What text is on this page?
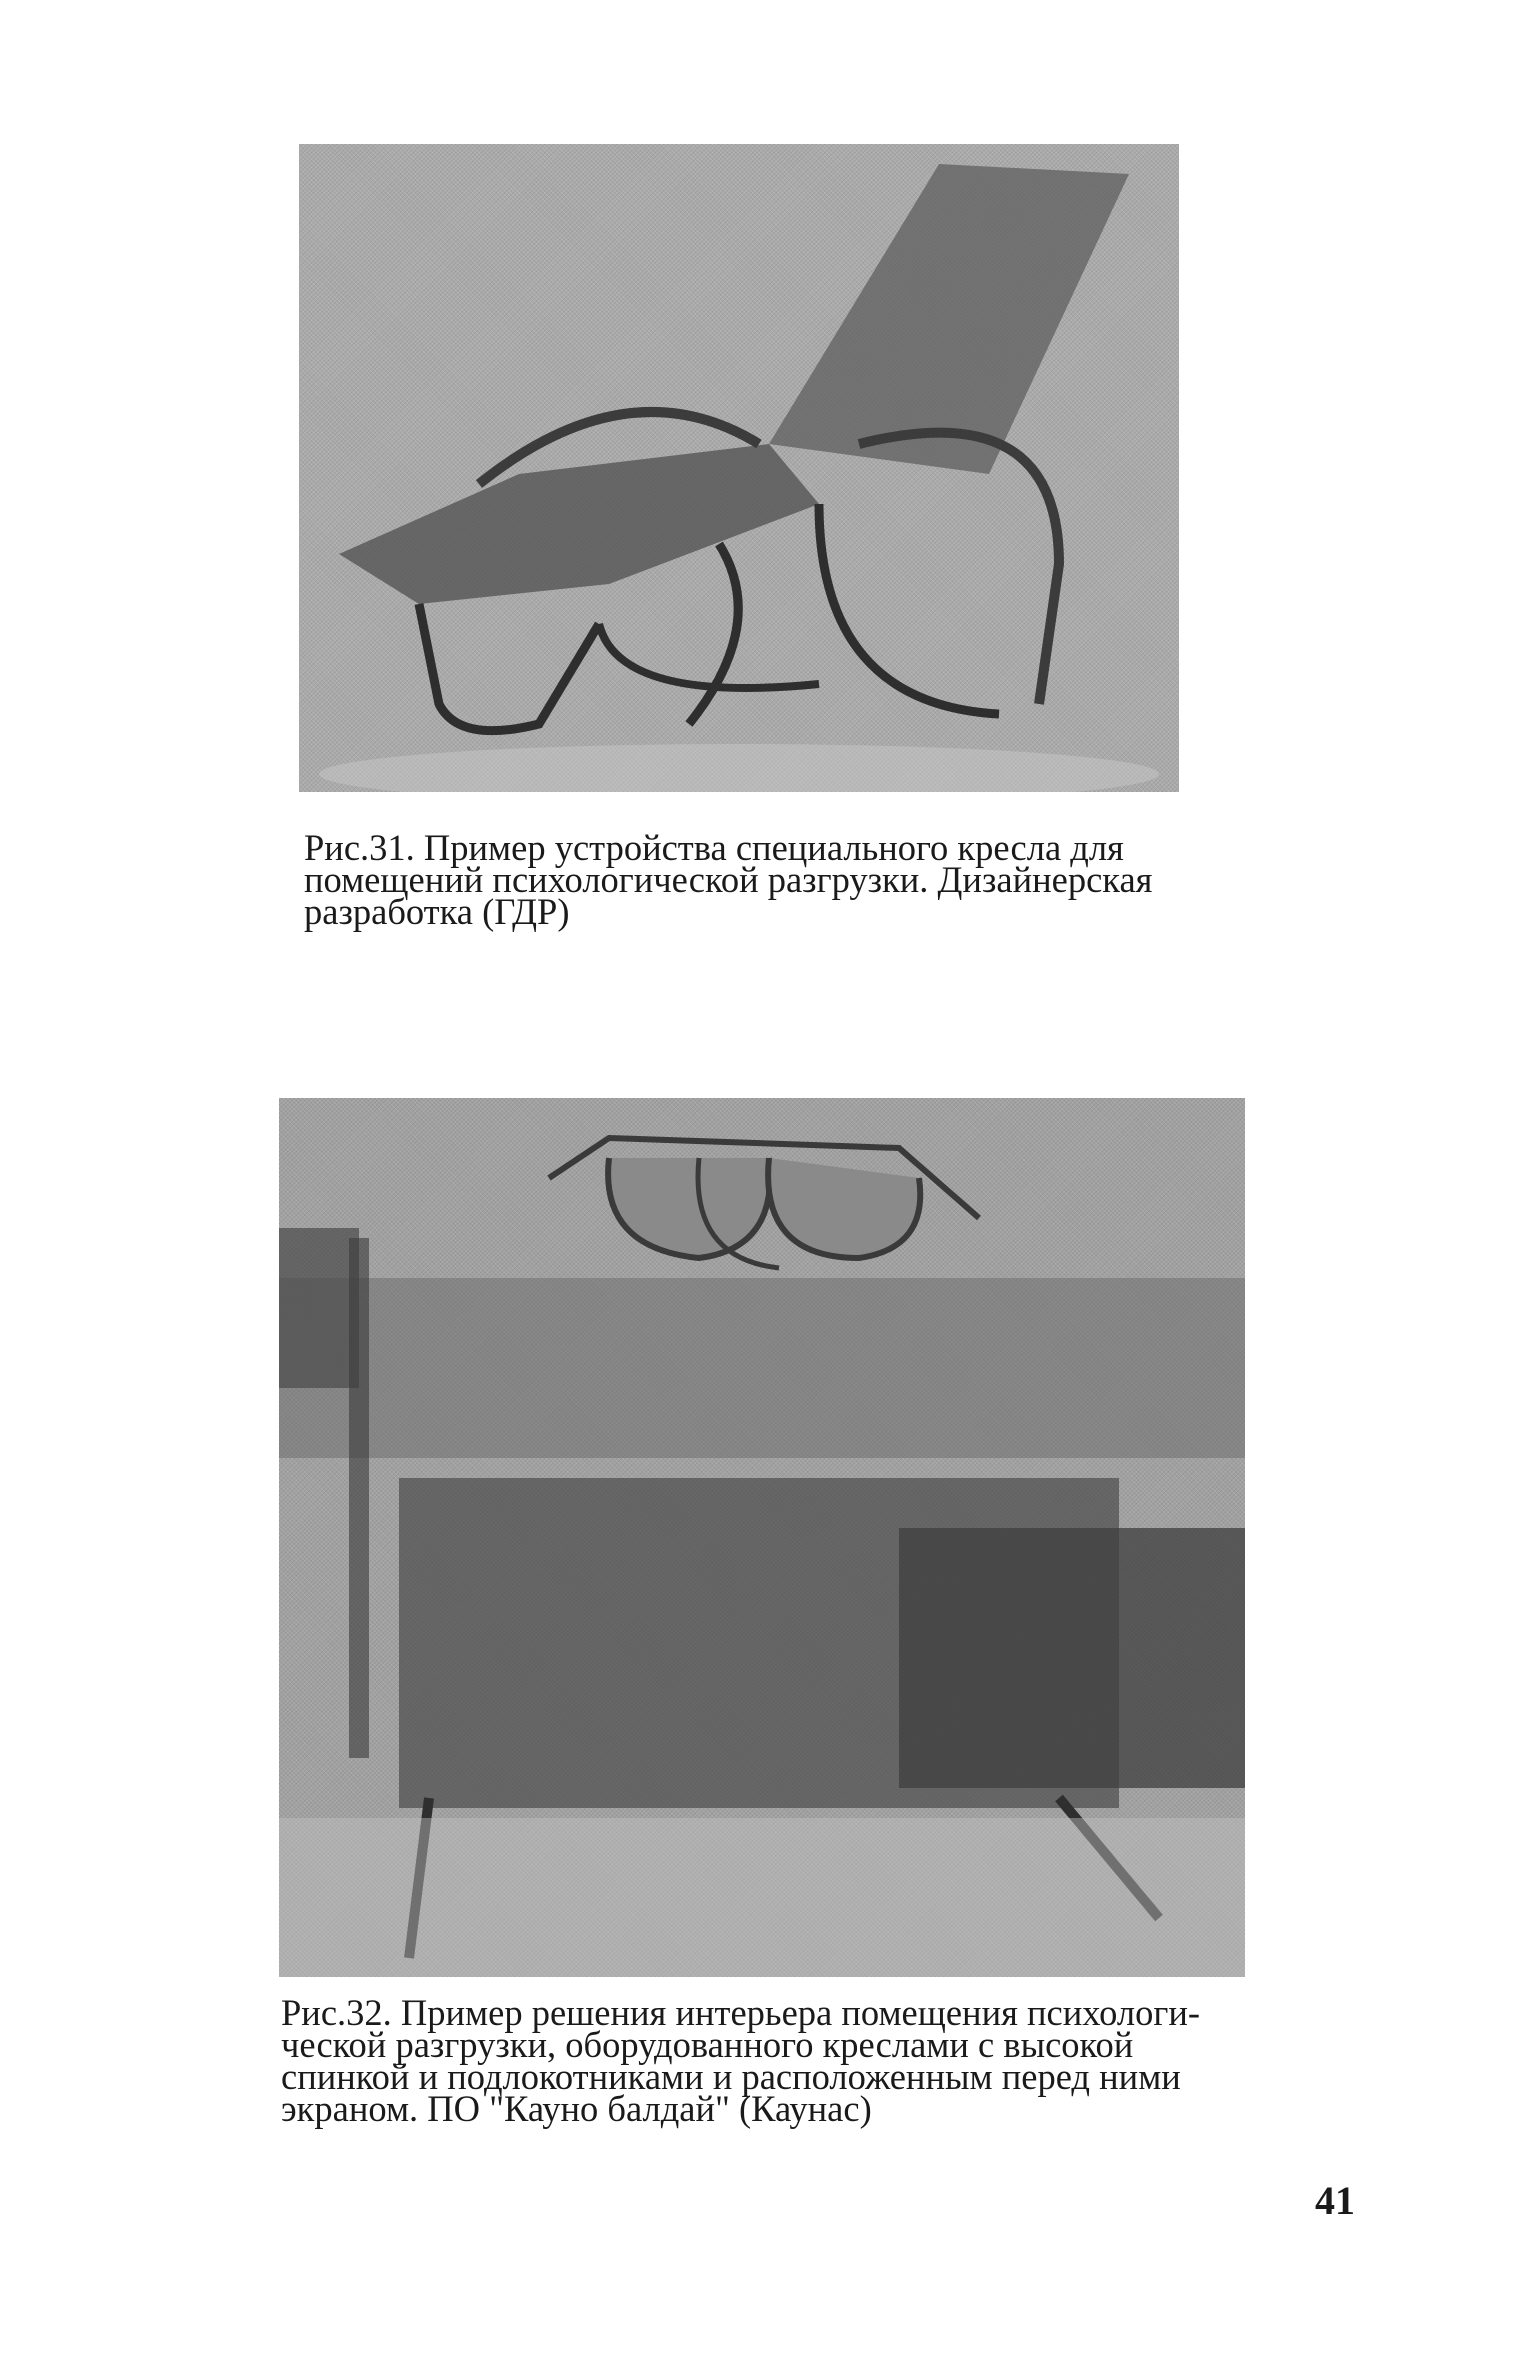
Рис.31. Пример устройства специального кресла для
помещений психологической разгрузки. Дизайнерская
разработка (ГДР)

Рис.32. Пример решения интерьера помещения психологи-
ческой разгрузки, оборудованного креслами с высокой
спинкой и подлокотниками и расположенным перед ними
экраном. ПО "Кауно балдай" (Каунас)

41
